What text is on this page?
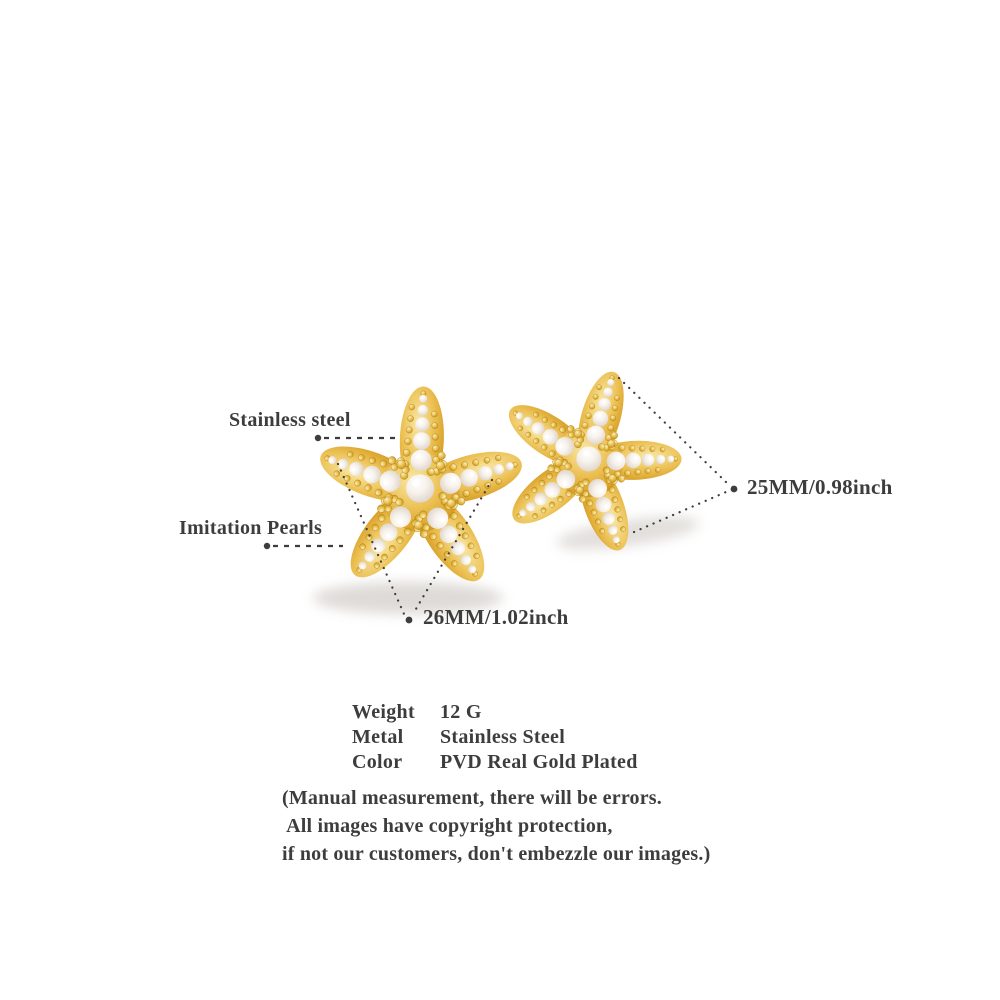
Stainless steel
Imitation Pearls
25MM/0.98inch
26MM/1.02inch
Weight	12 G
Metal	Stainless Steel
Color	PVD Real Gold Plated
(Manual measurement, there will be errors.
All images have copyright protection,
if not our customers, don't embezzle our images.)
